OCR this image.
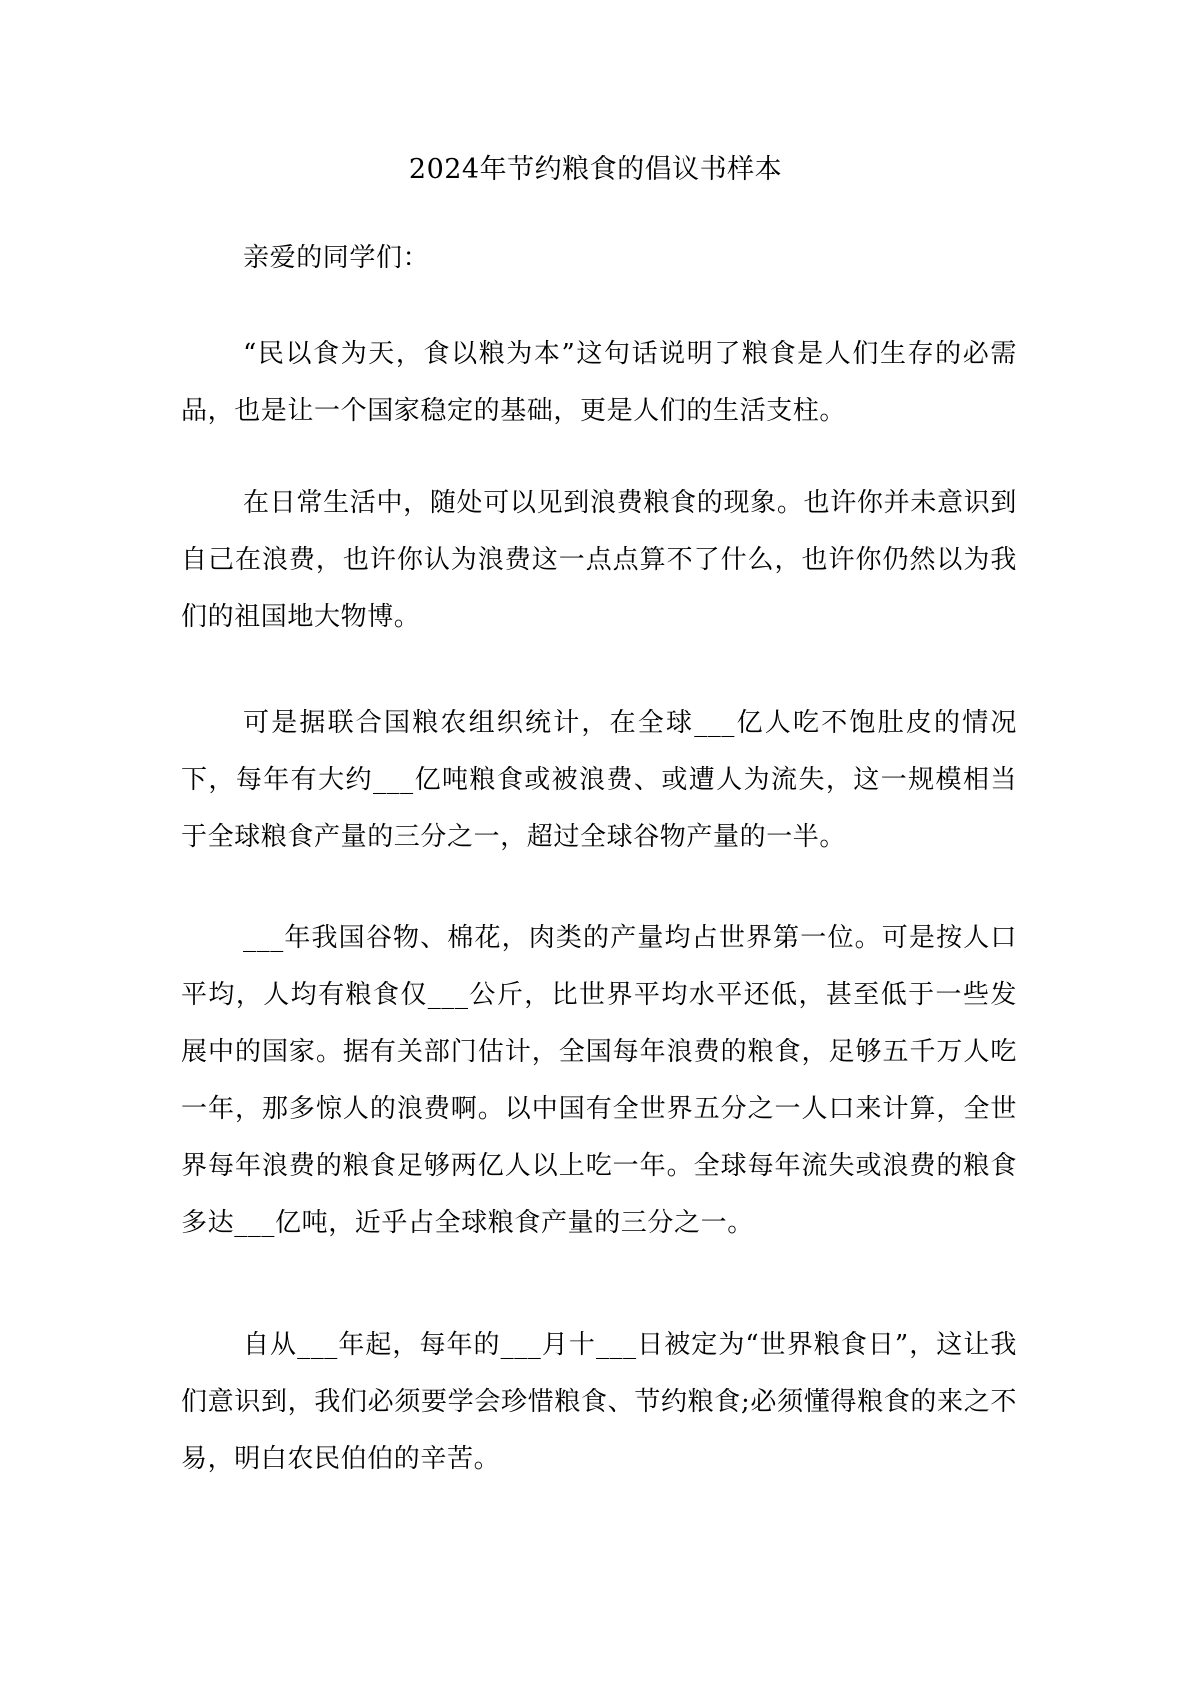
2024年节约粮食的倡议书样本
亲爱的同学们：

“民以食为天，食以粮为本”这句话说明了粮食是人们生存的必需品，也是让一个国家稳定的基础，更是人们的生活支柱。

在日常生活中，随处可以见到浪费粮食的现象。也许你并未意识到自己在浪费，也许你认为浪费这一点点算不了什么，也许你仍然以为我们的祖国地大物博。

可是据联合国粮农组织统计，在全球___亿人吃不饱肚皮的情况下，每年有大约___亿吨粮食或被浪费、或遭人为流失，这一规模相当于全球粮食产量的三分之一，超过全球谷物产量的一半。

___年我国谷物、棉花，肉类的产量均占世界第一位。可是按人口平均，人均有粮食仅___公斤，比世界平均水平还低，甚至低于一些发展中的国家。据有关部门估计，全国每年浪费的粮食，足够五千万人吃一年，那多惊人的浪费啊。以中国有全世界五分之一人口来计算，全世界每年浪费的粮食足够两亿人以上吃一年。全球每年流失或浪费的粮食多达___亿吨，近乎占全球粮食产量的三分之一。

自从___年起，每年的___月十___日被定为“世界粮食日”，这让我们意识到，我们必须要学会珍惜粮食、节约粮食;必须懂得粮食的来之不易，明白农民伯伯的辛苦。
